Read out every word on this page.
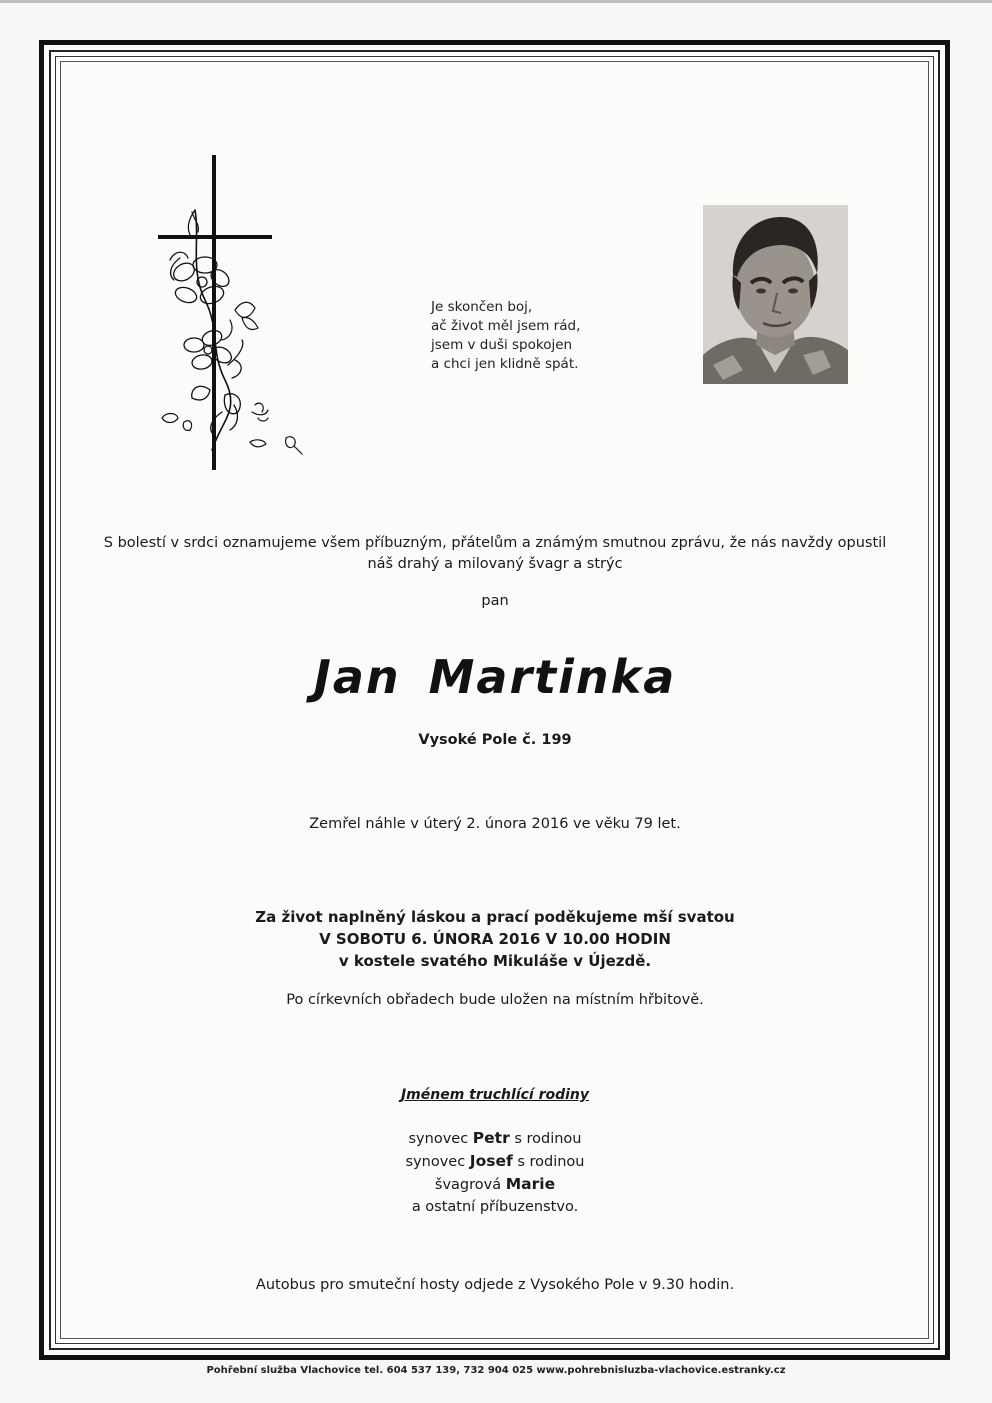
Je skončen boj,
ač život měl jsem rád,
jsem v duši spokojen
a chci jen klidně spát.
S bolestí v srdci oznamujeme všem příbuzným, přátelům a známým smutnou zprávu, že nás navždy opustil
náš drahý a milovaný švagr a strýc
pan
Jan Martinka
Vysoké Pole č. 199
Zemřel náhle v úterý 2. února 2016 ve věku 79 let.
Za život naplněný láskou a prací poděkujeme mší svatou
V SOBOTU 6. ÚNORA 2016 V 10.00 HODIN
v kostele svatého Mikuláše v Újezdě.
Po církevních obřadech bude uložen na místním hřbitově.
Jménem truchlící rodiny
synovec Petr s rodinou
synovec Josef s rodinou
švagrová Marie
a ostatní příbuzenstvo.
Autobus pro smuteční hosty odjede z Vysokého Pole v 9.30 hodin.
Pohřební služba Vlachovice tel. 604 537 139, 732 904 025 www.pohrebnisluzba-vlachovice.estranky.cz
